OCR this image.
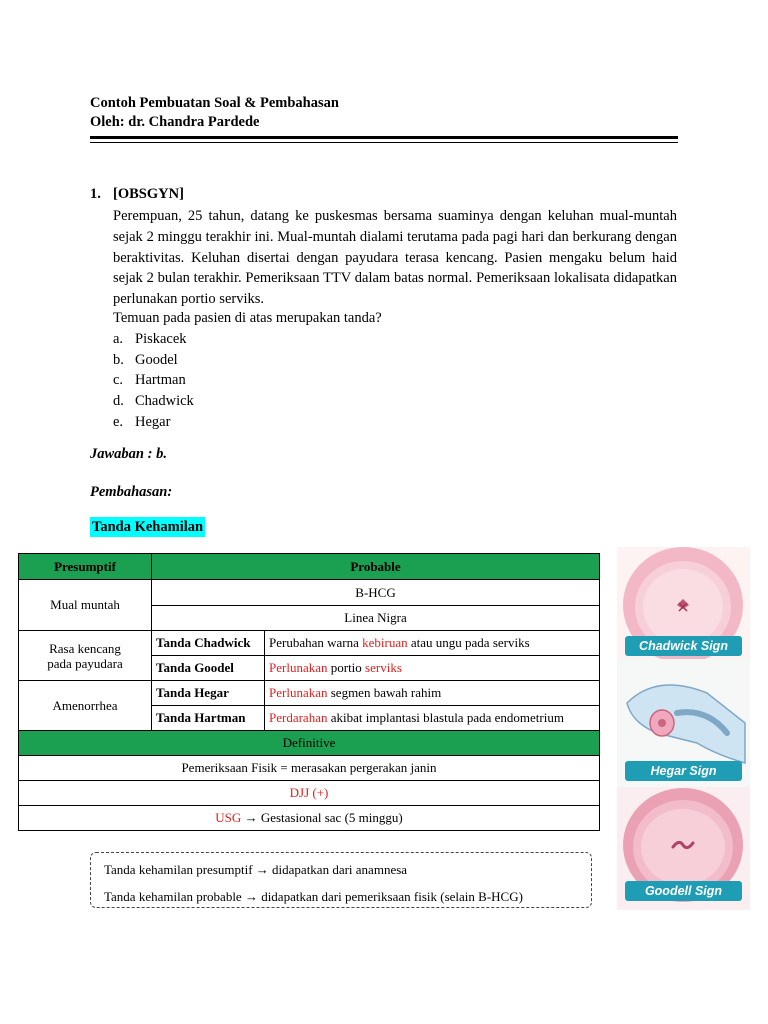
Contoh Pembuatan Soal & Pembahasan
Oleh: dr. Chandra Pardede
1. [OBSGYN]
Perempuan, 25 tahun, datang ke puskesmas bersama suaminya dengan keluhan mual-muntah sejak 2 minggu terakhir ini. Mual-muntah dialami terutama pada pagi hari dan berkurang dengan beraktivitas. Keluhan disertai dengan payudara terasa kencang. Pasien mengaku belum haid sejak 2 bulan terakhir. Pemeriksaan TTV dalam batas normal. Pemeriksaan lokalisata didapatkan perlunakan portio serviks.
Temuan pada pasien di atas merupakan tanda?
a. Piskacek
b. Goodel
c. Hartman
d. Chadwick
e. Hegar
Jawaban : b.
Pembahasan:
Tanda Kehamilan
Presumptif	Probable	
Mual muntah	B-HCG	
	Linea Nigra	
Rasa kencang
pada payudara	Tanda Chadwick	Perubahan warna kebiruan atau ungu pada serviks
	Tanda Goodel	Perlunakan portio serviks
Amenorrhea	Tanda Hegar	Perlunakan segmen bawah rahim
	Tanda Hartman	Perdarahan akibat implantasi blastula pada endometrium
Definitive		
Pemeriksaan Fisik = merasakan pergerakan janin		
DJJ (+)		
USG → Gestasional sac (5 minggu)		
Tanda kehamilan presumptif → didapatkan dari anamnesa
Tanda kehamilan probable → didapatkan dari pemeriksaan fisik (selain B-HCG)
Chadwick Sign
Hegar Sign
Goodell Sign
